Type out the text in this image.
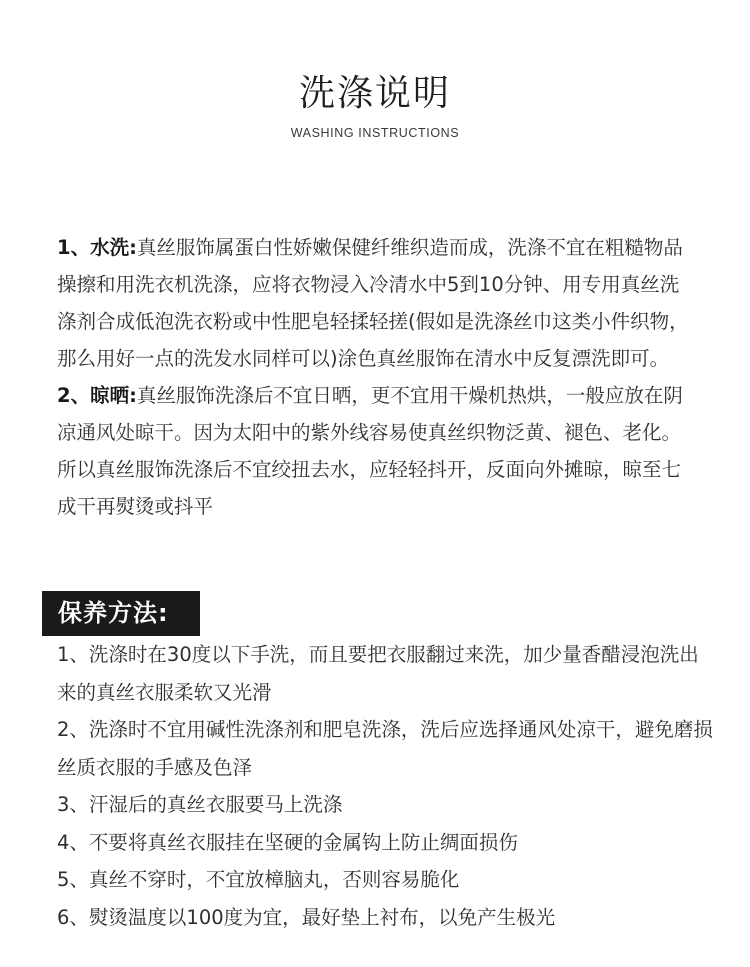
洗涤说明
WASHING INSTRUCTIONS

1、水洗:真丝服饰属蛋白性娇嫩保健纤维织造而成，洗涤不宜在粗糙物品操擦和用洗衣机洗涤，应将衣物浸入冷清水中5到10分钟、用专用真丝洗涤剂合成低泡洗衣粉或中性肥皂轻揉轻搓(假如是洗涤丝巾这类小件织物，那么用好一点的洗发水同样可以)涂色真丝服饰在清水中反复漂洗即可。

2、晾晒:真丝服饰洗涤后不宜日晒，更不宜用干燥机热烘，一般应放在阴凉通风处晾干。因为太阳中的紫外线容易使真丝织物泛黄、褪色、老化。所以真丝服饰洗涤后不宜绞扭去水，应轻轻抖开，反面向外摊晾，晾至七成干再熨烫或抖平

保养方法:

1、洗涤时在30度以下手洗，而且要把衣服翻过来洗，加少量香醋浸泡洗出来的真丝衣服柔软又光滑

2、洗涤时不宜用碱性洗涤剂和肥皂洗涤，洗后应选择通风处凉干，避免磨损丝质衣服的手感及色泽

3、汗湿后的真丝衣服要马上洗涤

4、不要将真丝衣服挂在坚硬的金属钩上防止绸面损伤

5、真丝不穿时，不宜放樟脑丸，否则容易脆化

6、熨烫温度以100度为宜，最好垫上衬布，以免产生极光
